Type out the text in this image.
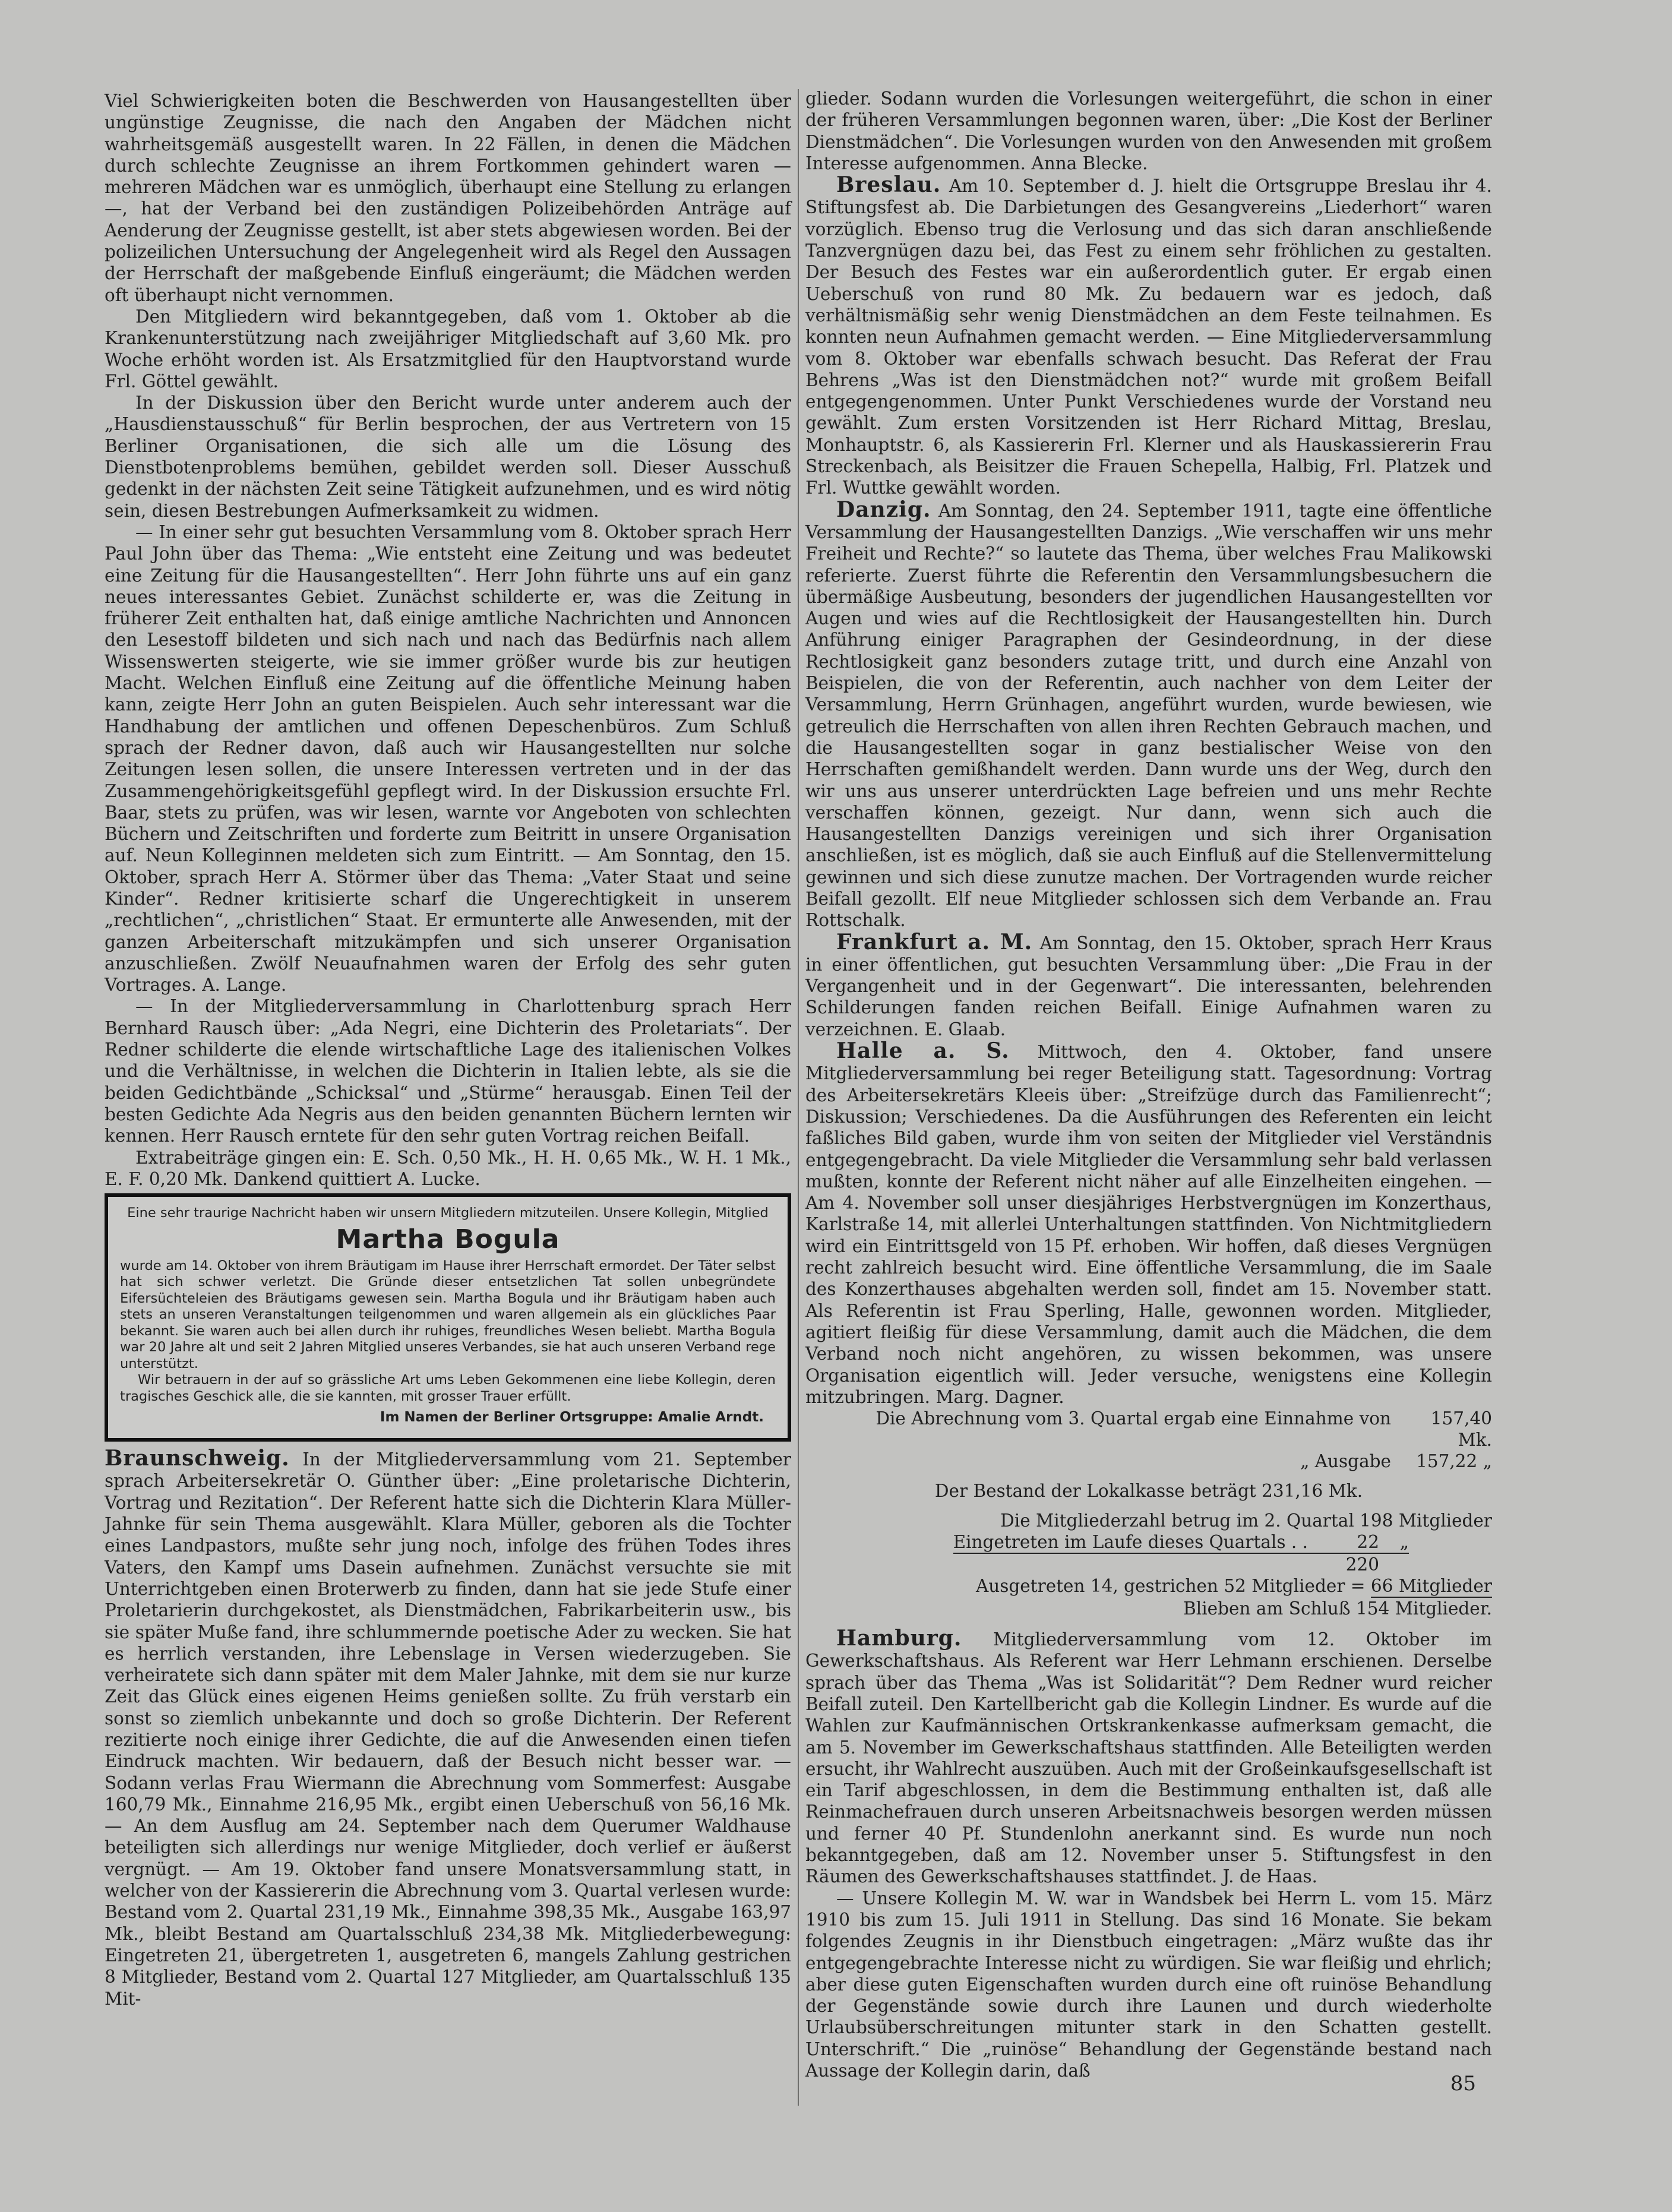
Viel Schwierigkeiten boten die Beschwerden von Hausangestellten über ungünstige Zeugnisse, die nach den Angaben der Mädchen nicht wahrheitsgemäß ausgestellt waren. In 22 Fällen, in denen die Mädchen durch schlechte Zeugnisse an ihrem Fortkommen gehindert waren — mehreren Mädchen war es unmöglich, überhaupt eine Stellung zu erlangen —, hat der Verband bei den zuständigen Polizeibehörden Anträge auf Aenderung der Zeugnisse gestellt, ist aber stets abgewiesen worden. Bei der polizeilichen Untersuchung der Angelegenheit wird als Regel den Aussagen der Herrschaft der maßgebende Einfluß eingeräumt; die Mädchen werden oft überhaupt nicht vernommen.

Den Mitgliedern wird bekanntgegeben, daß vom 1. Oktober ab die Krankenunterstützung nach zweijähriger Mitgliedschaft auf 3,60 Mk. pro Woche erhöht worden ist. Als Ersatzmitglied für den Hauptvorstand wurde Frl. Göttel gewählt.

In der Diskussion über den Bericht wurde unter anderem auch der „Hausdienstausschuß“ für Berlin besprochen, der aus Vertretern von 15 Berliner Organisationen, die sich alle um die Lösung des Dienstbotenproblems bemühen, gebildet werden soll. Dieser Ausschuß gedenkt in der nächsten Zeit seine Tätigkeit aufzunehmen, und es wird nötig sein, diesen Bestrebungen Aufmerksamkeit zu widmen.

— In einer sehr gut besuchten Versammlung vom 8. Oktober sprach Herr Paul John über das Thema: „Wie entsteht eine Zeitung und was bedeutet eine Zeitung für die Hausangestellten“. Herr John führte uns auf ein ganz neues interessantes Gebiet. Zunächst schilderte er, was die Zeitung in früherer Zeit enthalten hat, daß einige amtliche Nachrichten und Annoncen den Lesestoff bildeten und sich nach und nach das Bedürfnis nach allem Wissenswerten steigerte, wie sie immer größer wurde bis zur heutigen Macht. Welchen Einfluß eine Zeitung auf die öffentliche Meinung haben kann, zeigte Herr John an guten Beispielen. Auch sehr interessant war die Handhabung der amtlichen und offenen Depeschenbüros. Zum Schluß sprach der Redner davon, daß auch wir Hausangestellten nur solche Zeitungen lesen sollen, die unsere Interessen vertreten und in der das Zusammengehörigkeitsgefühl gepflegt wird. In der Diskussion ersuchte Frl. Baar, stets zu prüfen, was wir lesen, warnte vor Angeboten von schlechten Büchern und Zeitschriften und forderte zum Beitritt in unsere Organisation auf. Neun Kolleginnen meldeten sich zum Eintritt. — Am Sonntag, den 15. Oktober, sprach Herr A. Störmer über das Thema: „Vater Staat und seine Kinder“. Redner kritisierte scharf die Ungerechtigkeit in unserem „rechtlichen“, „christlichen“ Staat. Er ermunterte alle Anwesenden, mit der ganzen Arbeiterschaft mitzukämpfen und sich unserer Organisation anzuschließen. Zwölf Neuaufnahmen waren der Erfolg des sehr guten Vortrages. A. Lange.

— In der Mitgliederversammlung in Charlottenburg sprach Herr Bernhard Rausch über: „Ada Negri, eine Dichterin des Proletariats“. Der Redner schilderte die elende wirtschaftliche Lage des italienischen Volkes und die Verhältnisse, in welchen die Dichterin in Italien lebte, als sie die beiden Gedichtbände „Schicksal“ und „Stürme“ herausgab. Einen Teil der besten Gedichte Ada Negris aus den beiden genannten Büchern lernten wir kennen. Herr Rausch erntete für den sehr guten Vortrag reichen Beifall.

Extrabeiträge gingen ein: E. Sch. 0,50 Mk., H. H. 0,65 Mk., W. H. 1 Mk., E. F. 0,20 Mk. Dankend quittiert A. Lucke.

Eine sehr traurige Nachricht haben wir unsern Mitgliedern mitzuteilen. Unsere Kollegin, Mitglied

Martha Bogula

wurde am 14. Oktober von ihrem Bräutigam im Hause ihrer Herrschaft ermordet. Der Täter selbst hat sich schwer verletzt. Die Gründe dieser entsetzlichen Tat sollen unbegründete Eifersüchteleien des Bräutigams gewesen sein. Martha Bogula und ihr Bräutigam haben auch stets an unseren Veranstaltungen teilgenommen und waren allgemein als ein glückliches Paar bekannt. Sie waren auch bei allen durch ihr ruhiges, freundliches Wesen beliebt. Martha Bogula war 20 Jahre alt und seit 2 Jahren Mitglied unseres Verbandes, sie hat auch unseren Verband rege unterstützt.

Wir betrauern in der auf so grässliche Art ums Leben Gekommenen eine liebe Kollegin, deren tragisches Geschick alle, die sie kannten, mit grosser Trauer erfüllt.

Im Namen der Berliner Ortsgruppe: Amalie Arndt.

Braunschweig. In der Mitgliederversammlung vom 21. September sprach Arbeitersekretär O. Günther über: „Eine proletarische Dichterin, Vortrag und Rezitation“. Der Referent hatte sich die Dichterin Klara Müller-Jahnke für sein Thema ausgewählt. Klara Müller, geboren als die Tochter eines Landpastors, mußte sehr jung noch, infolge des frühen Todes ihres Vaters, den Kampf ums Dasein aufnehmen. Zunächst versuchte sie mit Unterrichtgeben einen Broterwerb zu finden, dann hat sie jede Stufe einer Proletarierin durchgekostet, als Dienstmädchen, Fabrikarbeiterin usw., bis sie später Muße fand, ihre schlummernde poetische Ader zu wecken. Sie hat es herrlich verstanden, ihre Lebenslage in Versen wiederzugeben. Sie verheiratete sich dann später mit dem Maler Jahnke, mit dem sie nur kurze Zeit das Glück eines eigenen Heims genießen sollte. Zu früh verstarb ein sonst so ziemlich unbekannte und doch so große Dichterin. Der Referent rezitierte noch einige ihrer Gedichte, die auf die Anwesenden einen tiefen Eindruck machten. Wir bedauern, daß der Besuch nicht besser war. — Sodann verlas Frau Wiermann die Abrechnung vom Sommerfest: Ausgabe 160,79 Mk., Einnahme 216,95 Mk., ergibt einen Ueberschuß von 56,16 Mk. — An dem Ausflug am 24. September nach dem Querumer Waldhause beteiligten sich allerdings nur wenige Mitglieder, doch verlief er äußerst vergnügt. — Am 19. Oktober fand unsere Monatsversammlung statt, in welcher von der Kassiererin die Abrechnung vom 3. Quartal verlesen wurde: Bestand vom 2. Quartal 231,19 Mk., Einnahme 398,35 Mk., Ausgabe 163,97 Mk., bleibt Bestand am Quartalsschluß 234,38 Mk. Mitgliederbewegung: Eingetreten 21, übergetreten 1, ausgetreten 6, mangels Zahlung gestrichen 8 Mitglieder, Bestand vom 2. Quartal 127 Mitglieder, am Quartalsschluß 135 Mit-

glieder. Sodann wurden die Vorlesungen weitergeführt, die schon in einer der früheren Versammlungen begonnen waren, über: „Die Kost der Berliner Dienstmädchen“. Die Vorlesungen wurden von den Anwesenden mit großem Interesse aufgenommen. Anna Blecke.

Breslau. Am 10. September d. J. hielt die Ortsgruppe Breslau ihr 4. Stiftungsfest ab. Die Darbietungen des Gesangvereins „Liederhort“ waren vorzüglich. Ebenso trug die Verlosung und das sich daran anschließende Tanzvergnügen dazu bei, das Fest zu einem sehr fröhlichen zu gestalten. Der Besuch des Festes war ein außerordentlich guter. Er ergab einen Ueberschuß von rund 80 Mk. Zu bedauern war es jedoch, daß verhältnismäßig sehr wenig Dienstmädchen an dem Feste teilnahmen. Es konnten neun Aufnahmen gemacht werden. — Eine Mitgliederversammlung vom 8. Oktober war ebenfalls schwach besucht. Das Referat der Frau Behrens „Was ist den Dienstmädchen not?“ wurde mit großem Beifall entgegengenommen. Unter Punkt Verschiedenes wurde der Vorstand neu gewählt. Zum ersten Vorsitzenden ist Herr Richard Mittag, Breslau, Monhauptstr. 6, als Kassiererin Frl. Klerner und als Hauskassiererin Frau Streckenbach, als Beisitzer die Frauen Schepella, Halbig, Frl. Platzek und Frl. Wuttke gewählt worden.

Danzig. Am Sonntag, den 24. September 1911, tagte eine öffentliche Versammlung der Hausangestellten Danzigs. „Wie verschaffen wir uns mehr Freiheit und Rechte?“ so lautete das Thema, über welches Frau Malikowski referierte. Zuerst führte die Referentin den Versammlungsbesuchern die übermäßige Ausbeutung, besonders der jugendlichen Hausangestellten vor Augen und wies auf die Rechtlosigkeit der Hausangestellten hin. Durch Anführung einiger Paragraphen der Gesindeordnung, in der diese Rechtlosigkeit ganz besonders zutage tritt, und durch eine Anzahl von Beispielen, die von der Referentin, auch nachher von dem Leiter der Versammlung, Herrn Grünhagen, angeführt wurden, wurde bewiesen, wie getreulich die Herrschaften von allen ihren Rechten Gebrauch machen, und die Hausangestellten sogar in ganz bestialischer Weise von den Herrschaften gemißhandelt werden. Dann wurde uns der Weg, durch den wir uns aus unserer unterdrückten Lage befreien und uns mehr Rechte verschaffen können, gezeigt. Nur dann, wenn sich auch die Hausangestellten Danzigs vereinigen und sich ihrer Organisation anschließen, ist es möglich, daß sie auch Einfluß auf die Stellenvermittelung gewinnen und sich diese zunutze machen. Der Vortragenden wurde reicher Beifall gezollt. Elf neue Mitglieder schlossen sich dem Verbande an. Frau Rottschalk.

Frankfurt a. M. Am Sonntag, den 15. Oktober, sprach Herr Kraus in einer öffentlichen, gut besuchten Versammlung über: „Die Frau in der Vergangenheit und in der Gegenwart“. Die interessanten, belehrenden Schilderungen fanden reichen Beifall. Einige Aufnahmen waren zu verzeichnen. E. Glaab.

Halle a. S. Mittwoch, den 4. Oktober, fand unsere Mitgliederversammlung bei reger Beteiligung statt. Tagesordnung: Vortrag des Arbeitersekretärs Kleeis über: „Streifzüge durch das Familienrecht“; Diskussion; Verschiedenes. Da die Ausführungen des Referenten ein leicht faßliches Bild gaben, wurde ihm von seiten der Mitglieder viel Verständnis entgegengebracht. Da viele Mitglieder die Versammlung sehr bald verlassen mußten, konnte der Referent nicht näher auf alle Einzelheiten eingehen. — Am 4. November soll unser diesjähriges Herbstvergnügen im Konzerthaus, Karlstraße 14, mit allerlei Unterhaltungen stattfinden. Von Nichtmitgliedern wird ein Eintrittsgeld von 15 Pf. erhoben. Wir hoffen, daß dieses Vergnügen recht zahlreich besucht wird. Eine öffentliche Versammlung, die im Saale des Konzerthauses abgehalten werden soll, findet am 15. November statt. Als Referentin ist Frau Sperling, Halle, gewonnen worden. Mitglieder, agitiert fleißig für diese Versammlung, damit auch die Mädchen, die dem Verband noch nicht angehören, zu wissen bekommen, was unsere Organisation eigentlich will. Jeder versuche, wenigstens eine Kollegin mitzubringen. Marg. Dagner.

Die Abrechnung vom 3. Quartal ergab eine Einnahme von	157,40 Mk.
„ Ausgabe	157,22 „

Der Bestand der Lokalkasse beträgt 231,16 Mk.

Die Mitgliederzahl betrug im 2. Quartal
198 Mitglieder
Eingetreten im Laufe dieses Quartals . .	22	„
220
Ausgetreten 14, gestrichen 52 Mitglieder =
66 Mitglieder
Blieben am Schluß 154 Mitglieder.

Hamburg. Mitgliederversammlung vom 12. Oktober im Gewerkschaftshaus. Als Referent war Herr Lehmann erschienen. Derselbe sprach über das Thema „Was ist Solidarität“? Dem Redner wurd reicher Beifall zuteil. Den Kartellbericht gab die Kollegin Lindner. Es wurde auf die Wahlen zur Kaufmännischen Ortskrankenkasse aufmerksam gemacht, die am 5. November im Gewerkschaftshaus stattfinden. Alle Beteiligten werden ersucht, ihr Wahlrecht auszuüben. Auch mit der Großeinkaufsgesellschaft ist ein Tarif abgeschlossen, in dem die Bestimmung enthalten ist, daß alle Reinmachefrauen durch unseren Arbeitsnachweis besorgen werden müssen und ferner 40 Pf. Stundenlohn anerkannt sind. Es wurde nun noch bekanntgegeben, daß am 12. November unser 5. Stiftungsfest in den Räumen des Gewerkschaftshauses stattfindet. J. de Haas.

— Unsere Kollegin M. W. war in Wandsbek bei Herrn L. vom 15. März 1910 bis zum 15. Juli 1911 in Stellung. Das sind 16 Monate. Sie bekam folgendes Zeugnis in ihr Dienstbuch eingetragen: „März wußte das ihr entgegengebrachte Interesse nicht zu würdigen. Sie war fleißig und ehrlich; aber diese guten Eigenschaften wurden durch eine oft ruinöse Behandlung der Gegenstände sowie durch ihre Launen und durch wiederholte Urlaubsüberschreitungen mitunter stark in den Schatten gestellt. Unterschrift.“ Die „ruinöse“ Behandlung der Gegenstände bestand nach Aussage der Kollegin darin, daß

85
